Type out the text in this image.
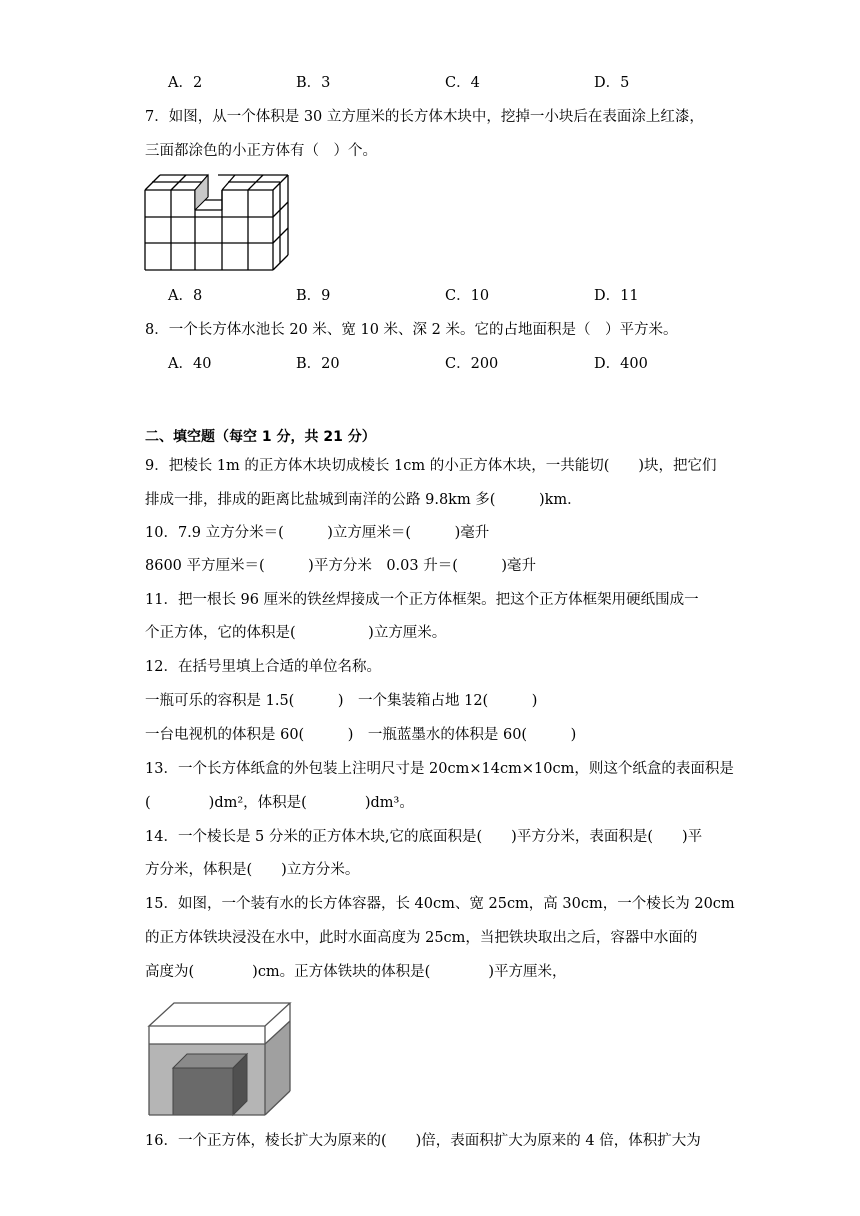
A．2	B．3	C．4	D．5
7．如图，从一个体积是 30 立方厘米的长方体木块中，挖掉一小块后在表面涂上红漆，
三面都涂色的小正方体有（　）个。
A．8	B．9	C．10	D．11
8．一个长方体水池长 20 米、宽 10 米、深 2 米。它的占地面积是（　）平方米。
A．40	B．20	C．200	D．400
二、填空题（每空 1 分，共 21 分）
9．把棱长 1m 的正方体木块切成棱长 1cm 的小正方体木块，一共能切(　　)块，把它们
排成一排，排成的距离比盐城到南洋的公路 9.8km 多(　　　)km．
10．7.9 立方分米＝(　　　)立方厘米＝(　　　)毫升
8600 平方厘米＝(　　　)平方分米　0.03 升＝(　　　)毫升
11．把一根长 96 厘米的铁丝焊接成一个正方体框架。把这个正方体框架用硬纸围成一
个正方体，它的体积是(　　　　　)立方厘米。
12．在括号里填上合适的单位名称。
一瓶可乐的容积是 1.5(　　　)　一个集装箱占地 12(　　　)
一台电视机的体积是 60(　　　)　一瓶蓝墨水的体积是 60(　　　)
13．一个长方体纸盒的外包装上注明尺寸是 20cm×14cm×10cm，则这个纸盒的表面积是
(　　　　)dm²，体积是(　　　　)dm³。
14．一个棱长是 5 分米的正方体木块,它的底面积是(　　)平方分米，表面积是(　　)平
方分米，体积是(　　)立方分米。
15．如图，一个装有水的长方体容器，长 40cm、宽 25cm，高 30cm，一个棱长为 20cm
的正方体铁块浸没在水中，此时水面高度为 25cm，当把铁块取出之后，容器中水面的
高度为(　　　　)cm。正方体铁块的体积是(　　　　)平方厘米，
16．一个正方体，棱长扩大为原来的(　　)倍，表面积扩大为原来的 4 倍，体积扩大为
